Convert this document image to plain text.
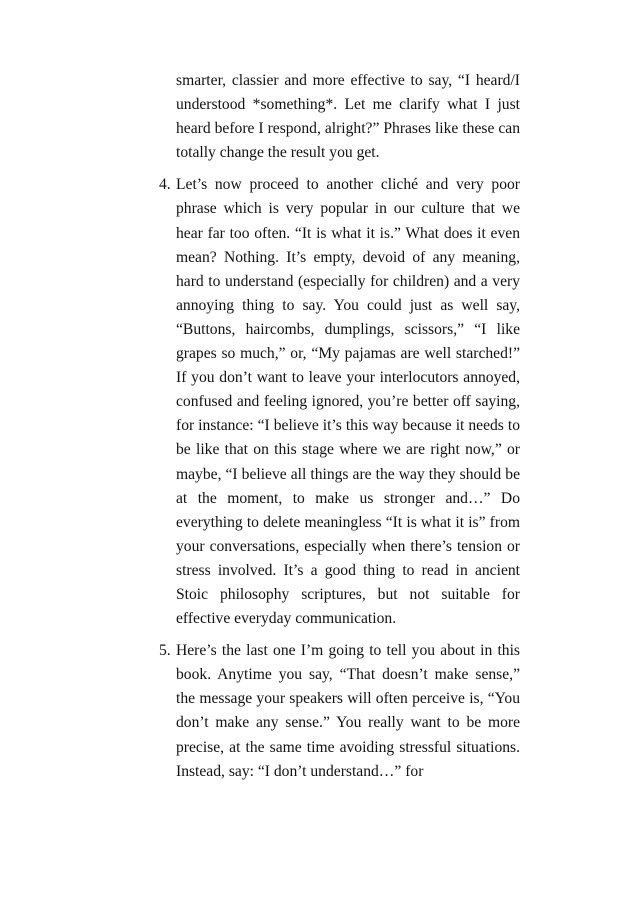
smarter, classier and more effective to say, “I heard/I understood *something*. Let me clarify what I just heard before I respond, alright?” Phrases like these can totally change the result you get.

4. Let’s now proceed to another cliché and very poor phrase which is very popular in our culture that we hear far too often. “It is what it is.” What does it even mean? Nothing. It’s empty, devoid of any meaning, hard to understand (especially for children) and a very annoying thing to say. You could just as well say, “Buttons, haircombs, dumplings, scissors,” “I like grapes so much,” or, “My pajamas are well starched!” If you don’t want to leave your interlocutors annoyed, confused and feeling ignored, you’re better off saying, for instance: “I believe it’s this way because it needs to be like that on this stage where we are right now,” or maybe, “I believe all things are the way they should be at the moment, to make us stronger and…” Do everything to delete meaningless “It is what it is” from your conversations, especially when there’s tension or stress involved. It’s a good thing to read in ancient Stoic philosophy scriptures, but not suitable for effective everyday communication.
5. Here’s the last one I’m going to tell you about in this book. Anytime you say, “That doesn’t make sense,” the message your speakers will often perceive is, “You don’t make any sense.” You really want to be more precise, at the same time avoiding stressful situations. Instead, say: “I don’t understand…” for
